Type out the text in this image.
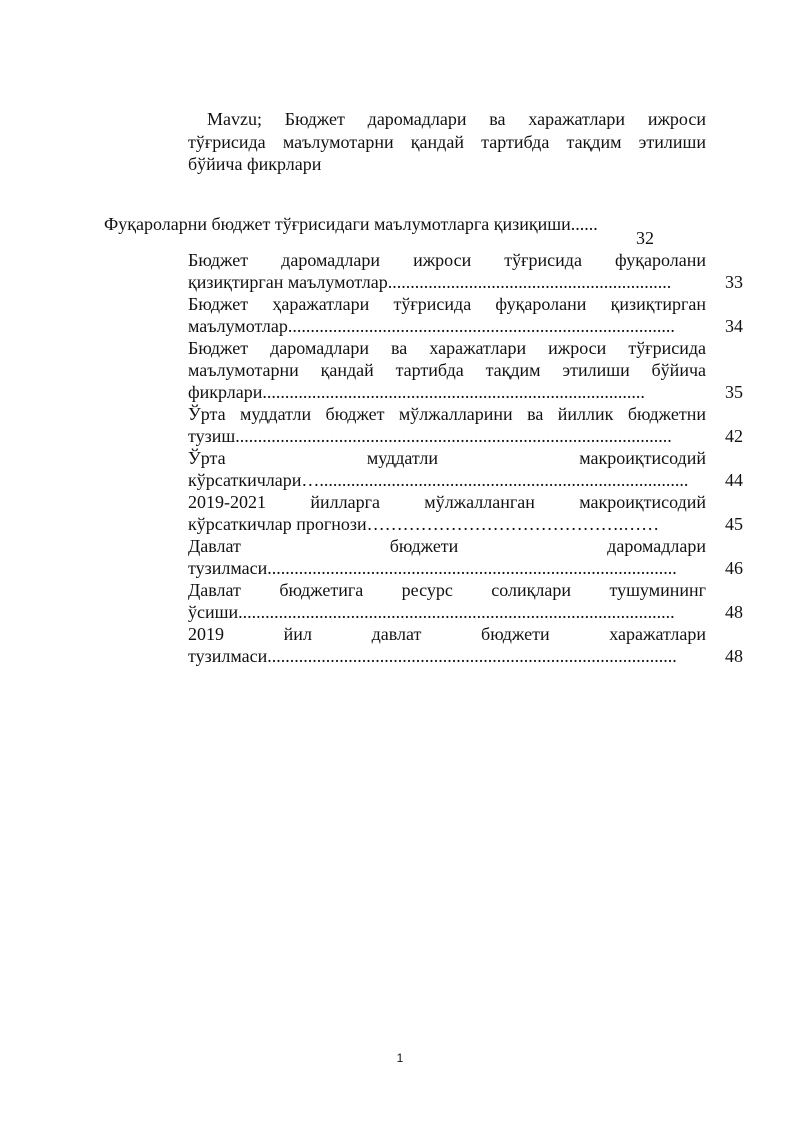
Mavzu; Бюджет даромадлари ва харажатлари ижроси

тўғрисида маълумотарни қандай тартибда тақдим этилиши

бўйича фикрлари

Фуқароларни бюджет тўғрисидаги маълумотларга қизиқиши......
32
Бюджет даромадлари ижроси тўғрисида фуқаролани
қизиқтирган маълумотлар...............................................................	33
Бюджет ҳаражатлари тўғрисида фуқаролани қизиқтирган
маълумотлар......................................................................................	34
Бюджет даромадлари ва харажатлари ижроси тўғрисида
маълумотарни қандай тартибда тақдим этилиши бўйича
фикрлари.....................................................................................	35
Ўрта муддатли бюджет мўлжалларини ва йиллик бюджетни
тузиш.................................................................................................	42
Ўрта муддатли макроиқтисодий
кўрсаткичлари…..................................................................................	44
2019-2021 йилларга мўлжалланган макроиқтисодий
кўрсаткичлар прогнози…………………………………….……	45
Давлат бюджети даромадлари
тузилмаси...........................................................................................	46
Давлат бюджетига ресурс солиқлари тушумининг
ўсиши.................................................................................................	48
2019 йил давлат бюджети харажатлари
тузилмаси...........................................................................................	48
1
